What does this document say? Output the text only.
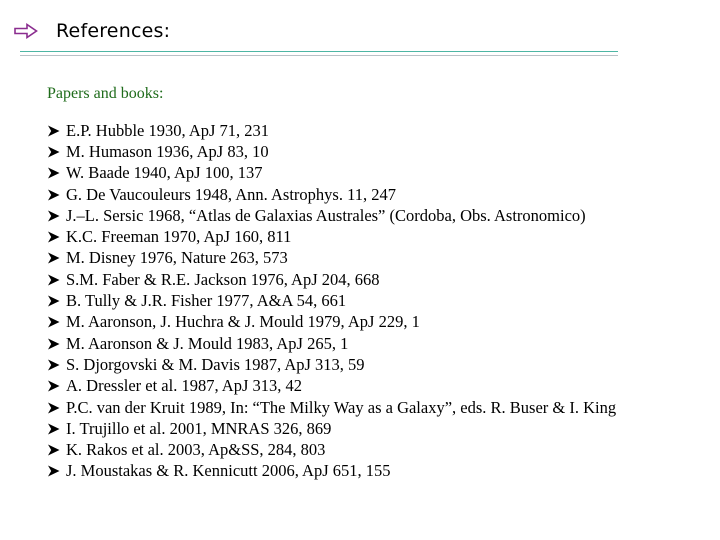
References:
Papers and books:
E.P. Hubble 1930, ApJ 71, 231
M. Humason 1936, ApJ 83, 10
W. Baade 1940, ApJ 100, 137
G. De Vaucouleurs 1948, Ann. Astrophys. 11, 247
J.–L. Sersic 1968, “Atlas de Galaxias Australes” (Cordoba, Obs. Astronomico)
K.C. Freeman 1970, ApJ 160, 811
M. Disney 1976, Nature 263, 573
S.M. Faber & R.E. Jackson 1976, ApJ 204, 668
B. Tully & J.R. Fisher 1977, A&A 54, 661
M. Aaronson, J. Huchra & J. Mould 1979, ApJ 229, 1
M. Aaronson & J. Mould 1983, ApJ 265, 1
S. Djorgovski & M. Davis 1987, ApJ 313, 59
A. Dressler et al. 1987, ApJ 313, 42
P.C. van der Kruit 1989, In: “The Milky Way as a Galaxy”, eds. R. Buser & I. King
I. Trujillo et al. 2001, MNRAS 326, 869
K. Rakos et al. 2003, Ap&SS, 284, 803
J. Moustakas & R. Kennicutt 2006, ApJ 651, 155
